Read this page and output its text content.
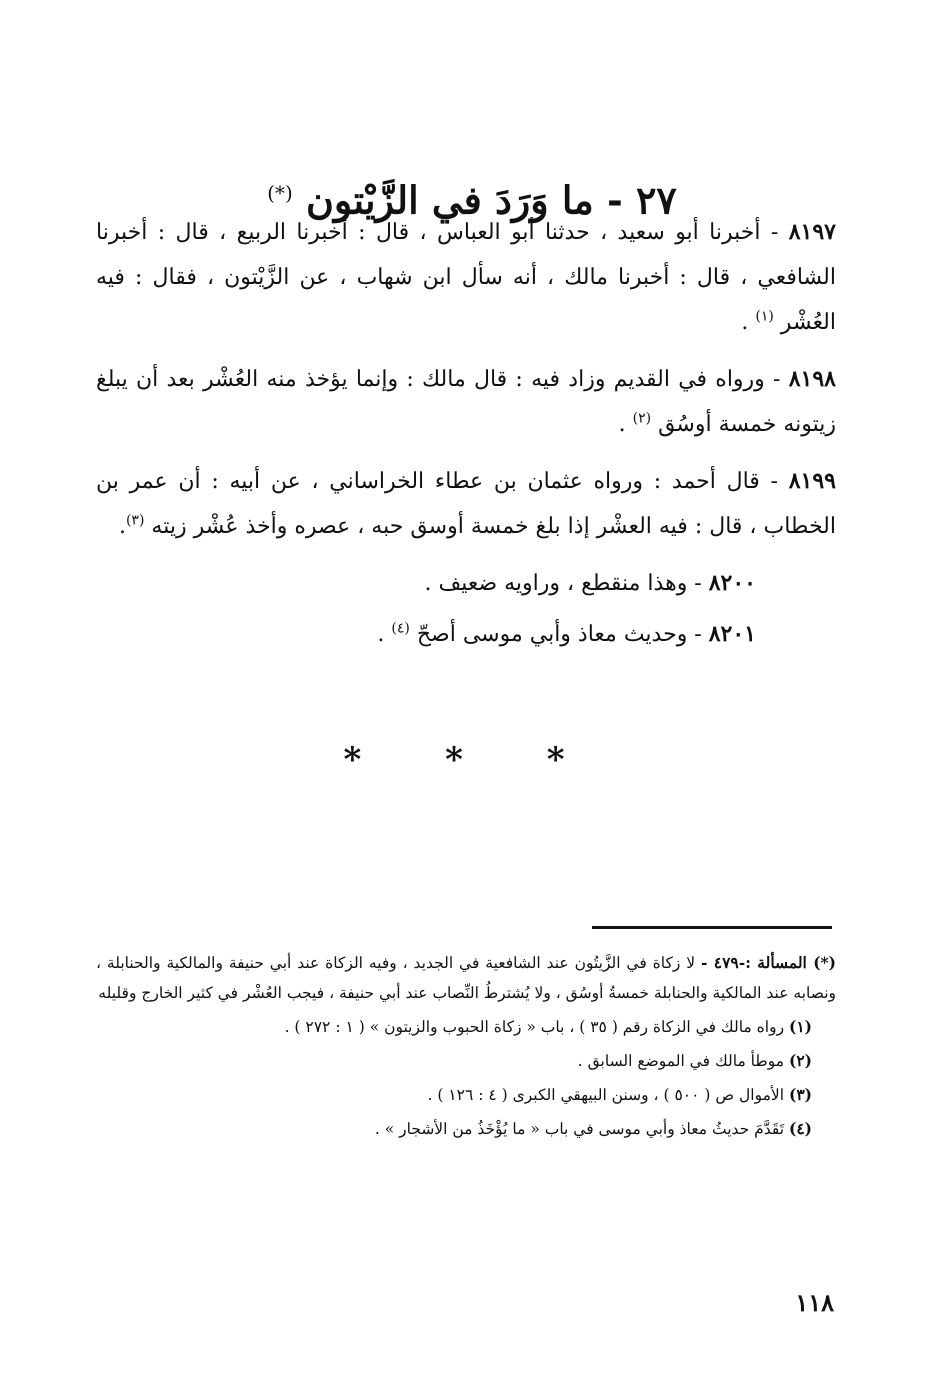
٢٧ - ما وَرَدَ في الزَّيْتون (*)

٨١٩٧ - أخبرنا أبو سعيد ، حدثنا أبو العباس ، قال : أخبرنا الربيع ، قال : أخبرنا الشافعي ، قال : أخبرنا مالك ، أنه سأل ابن شهاب ، عن الزَّيْتون ، فقال : فيه العُشْر $^{(١)}$ .

٨١٩٨ - ورواه في القديم وزاد فيه : قال مالك : وإنما يؤخذ منه العُشْر بعد أن يبلغ زيتونه خمسة أوسُق $^{(٢)}$ .

٨١٩٩ - قال أحمد : ورواه عثمان بن عطاء الخراساني ، عن أبيه : أن عمر بن الخطاب ، قال : فيه العشْر إذا بلغ خمسة أوسق حبه ، عصره وأخذ عُشْر زيته $^{(٣)}$.

٨٢٠٠ - وهذا منقطع ، وراويه ضعيف .

٨٢٠١ - وحديث معاذ وأبي موسى أصحّ $^{(٤)}$ .

* * *

(*) المسألة :-٤٧٩ - لا زكاة في الزَّيتُون عند الشافعية في الجديد ، وفيه الزكاة عند أبي حنيفة والمالكية والحنابلة ، ونصابه عند المالكية والحنابلة خمسةُ أوسُق ، ولا يُشترطُ النِّصاب عند أبي حنيفة ، فيجب العُشْر في كثير الخارج وقليله

(١) رواه مالك في الزكاة رقم ( ٣٥ ) ، باب « زكاة الحبوب والزيتون » ( ١ : ٢٧٢ ) .

(٢) موطأ مالك في الموضع السابق .

(٣) الأموال ص ( ٥٠٠ ) ، وسنن البيهقي الكبرى ( ٤ : ١٢٦ ) .

(٤) تَقَدَّمَ حديثُ معاذ وأبي موسى في باب « ما يُؤْخَذُ من الأشجار » .

١١٨
